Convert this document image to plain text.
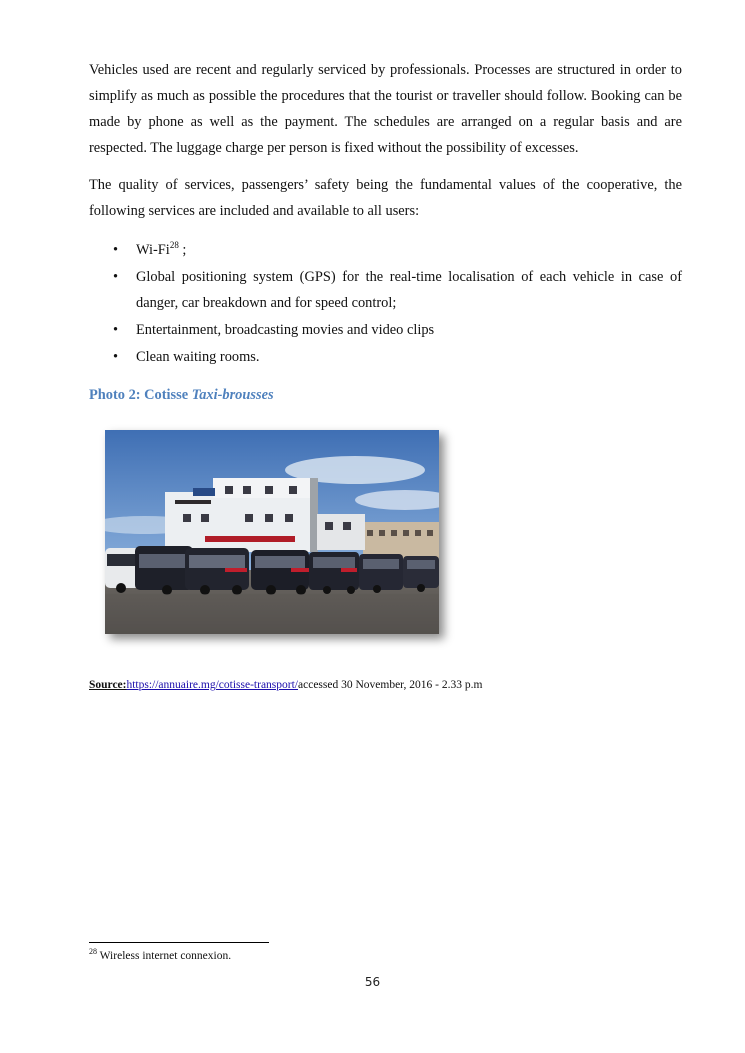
Vehicles used are recent and regularly serviced by professionals. Processes are structured in order to simplify as much as possible the procedures that the tourist or traveller should follow. Booking can be made by phone as well as the payment. The schedules are arranged on a regular basis and are respected. The luggage charge per person is fixed without the possibility of excesses.

The quality of services, passengers’ safety being the fundamental values of the cooperative, the following services are included and available to all users:

• Wi-Fi$^{28}$ ;
• Global positioning system (GPS) for the real-time localisation of each vehicle in case of danger, car breakdown and for speed control;
• Entertainment, broadcasting movies and video clips
• Clean waiting rooms.

Photo 2: Cotisse Taxi-brousses

Source:https://annuaire.mg/cotisse-transport/accessed 30 November, 2016 - 2.33 p.m

$^{28}$ Wireless internet connexion.

56
